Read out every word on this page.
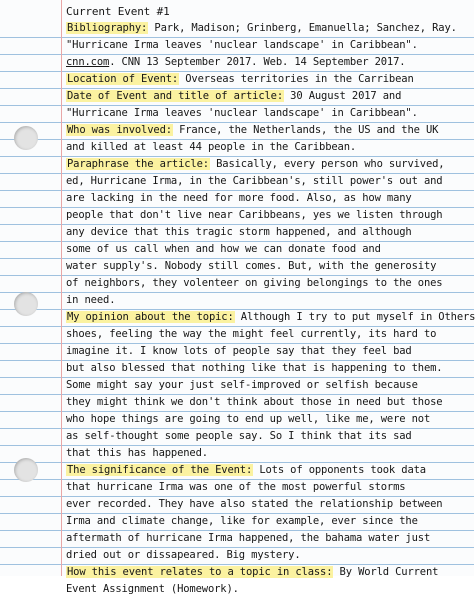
Current Event #1
Bibliography: Park, Madison; Grinberg, Emanuella; Sanchez, Ray.
"Hurricane Irma leaves 'nuclear landscape' in Caribbean".
cnn.com. CNN 13 September 2017. Web. 14 September 2017.
Location of Event: Overseas territories in the Carribean
Date of Event and title of article: 30 August 2017 and
"Hurricane Irma leaves 'nuclear landscape' in Caribbean".
Who was involved: France, the Netherlands, the US and the UK
and killed at least 44 people in the Caribbean.
Paraphrase the article: Basically, every person who survived,
ed, Hurricane Irma, in the Caribbean's, still power's out and
are lacking in the need for more food. Also, as how many
people that don't live near Caribbeans, yes we listen through
any device that this tragic storm happened, and although
some of us call when and how we can donate food and
water supply's. Nobody still comes. But, with the generosity
of neighbors, they volenteer on giving belongings to the ones
in need.
My opinion about the topic: Although I try to put myself in Others
shoes, feeling the way the might feel currently, its hard to
imagine it. I know lots of people say that they feel bad
but also blessed that nothing like that is happening to them.
Some might say your just self-improved or selfish because
they might think we don't think about those in need but those
who hope things are going to end up well, like me, were not
as self-thought some people say. So I think that its sad
that this has happened.
The significance of the Event: Lots of opponents took data
that hurricane Irma was one of the most powerful storms
ever recorded. They have also stated the relationship between
Irma and climate change, like for example, ever since the
aftermath of hurricane Irma happened, the bahama water just
dried out or dissapeared. Big mystery.
How this event relates to a topic in class: By World Current
Event Assignment (Homework).
